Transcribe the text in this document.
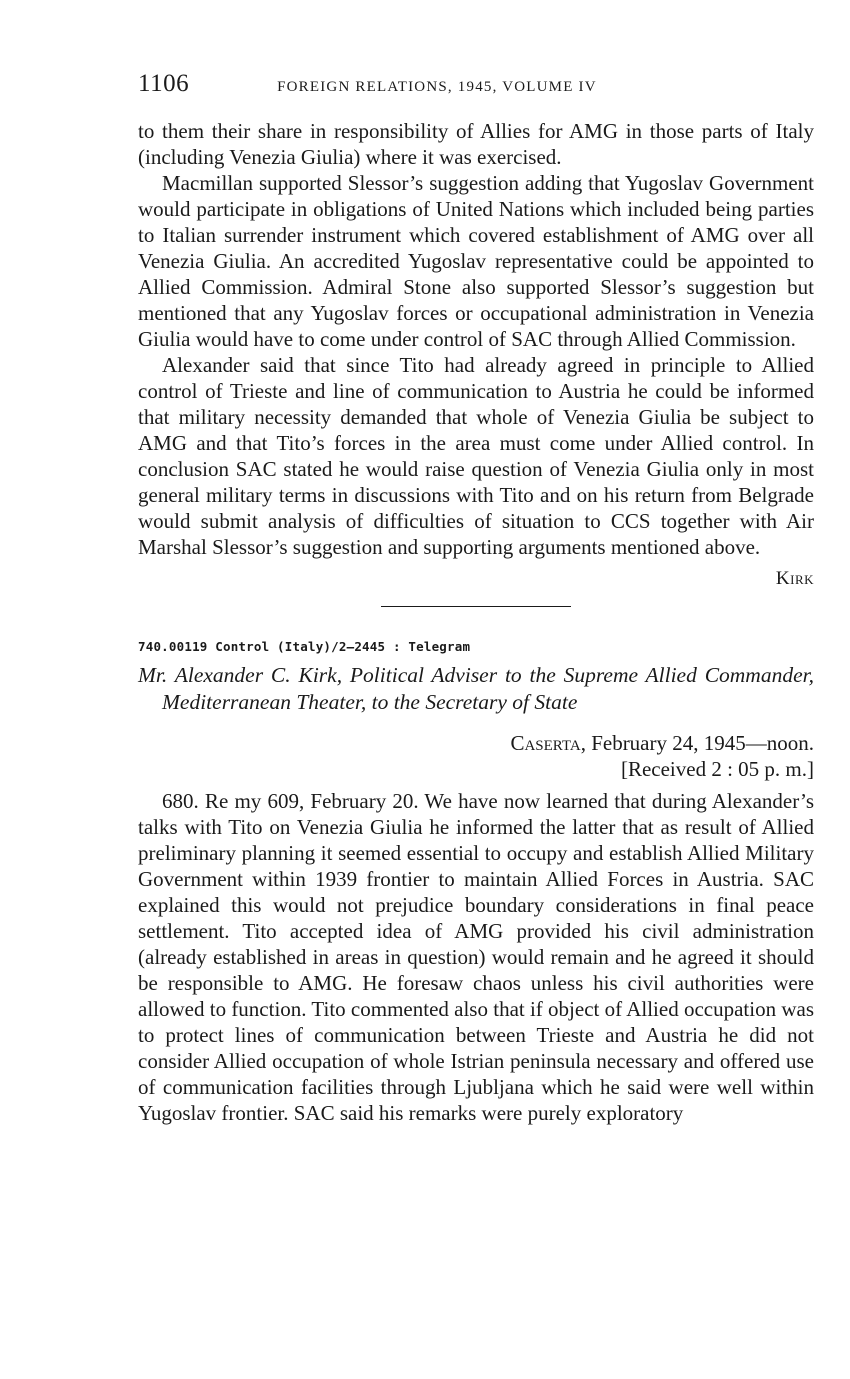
1106	FOREIGN RELATIONS, 1945, VOLUME IV

to them their share in responsibility of Allies for AMG in those parts of Italy (including Venezia Giulia) where it was exercised.

Macmillan supported Slessor’s suggestion adding that Yugoslav Government would participate in obligations of United Nations which included being parties to Italian surrender instrument which covered establishment of AMG over all Venezia Giulia. An accredited Yugoslav representative could be appointed to Allied Commission. Admiral Stone also supported Slessor’s suggestion but mentioned that any Yugoslav forces or occupational administration in Venezia Giulia would have to come under control of SAC through Allied Commission.

Alexander said that since Tito had already agreed in principle to Allied control of Trieste and line of communication to Austria he could be informed that military necessity demanded that whole of Venezia Giulia be subject to AMG and that Tito’s forces in the area must come under Allied control. In conclusion SAC stated he would raise question of Venezia Giulia only in most general military terms in discussions with Tito and on his return from Belgrade would submit analysis of difficulties of situation to CCS together with Air Marshal Slessor’s suggestion and supporting arguments mentioned above.

Kirk
740.00119 Control (Italy)/2–2445 : Telegram
Mr. Alexander C. Kirk, Political Adviser to the Supreme Allied Commander, Mediterranean Theater, to the Secretary of State
Caserta, February 24, 1945—noon.
[Received 2 : 05 p. m.]

680. Re my 609, February 20. We have now learned that during Alexander’s talks with Tito on Venezia Giulia he informed the latter that as result of Allied preliminary planning it seemed essential to occupy and establish Allied Military Government within 1939 frontier to maintain Allied Forces in Austria. SAC explained this would not prejudice boundary considerations in final peace settlement. Tito accepted idea of AMG provided his civil administration (already established in areas in question) would remain and he agreed it should be responsible to AMG. He foresaw chaos unless his civil authorities were allowed to function. Tito commented also that if object of Allied occupation was to protect lines of communication between Trieste and Austria he did not consider Allied occupation of whole Istrian peninsula necessary and offered use of communication facilities through Ljubljana which he said were well within Yugoslav frontier. SAC said his remarks were purely exploratory
